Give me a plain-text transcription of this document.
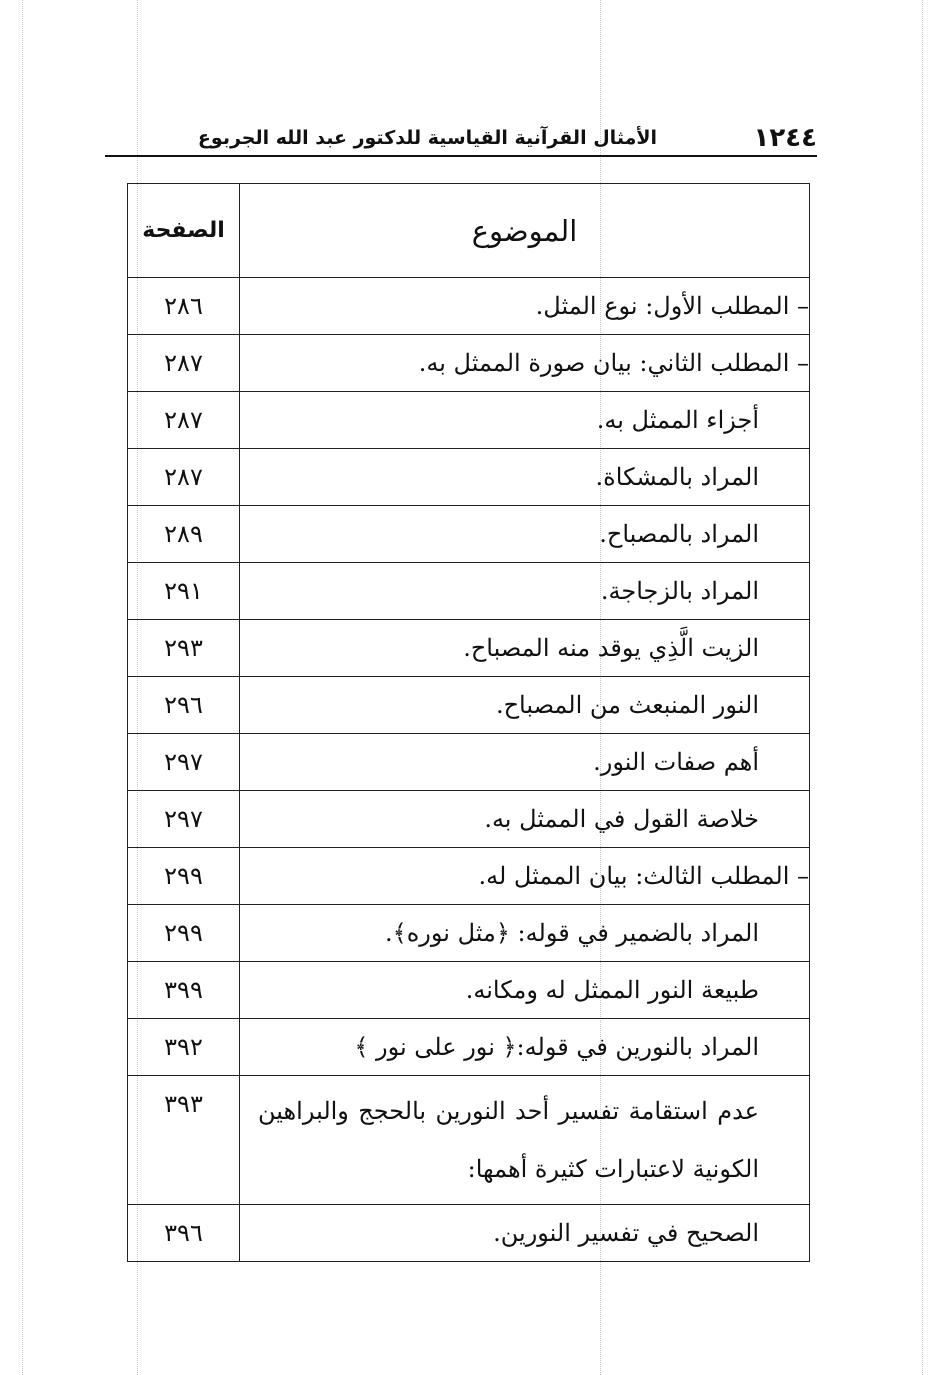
١٢٤٤
الأمثال القرآنية القياسية للدكتور عبد الله الجربوع
الموضوع	الصفحة
– المطلب الأول: نوع المثل.	٢٨٦
– المطلب الثاني: بيان صورة الممثل به.	٢٨٧
أجزاء الممثل به.	٢٨٧
المراد بالمشكاة.	٢٨٧
المراد بالمصباح.	٢٨٩
المراد بالزجاجة.	٢٩١
الزيت الَّذِي يوقد منه المصباح.	٢٩٣
النور المنبعث من المصباح.	٢٩٦
أهم صفات النور.	٢٩٧
خلاصة القول في الممثل به.	٢٩٧
– المطلب الثالث: بيان الممثل له.	٢٩٩
المراد بالضمير في قوله: ﴿مثل نوره﴾.	٢٩٩
طبيعة النور الممثل له ومكانه.	٣٩٩
المراد بالنورين في قوله:﴿ نور على نور ﴾	٣٩٢
عدم استقامة تفسير أحد النورين بالحجج والبراهين الكونية لاعتبارات كثيرة أهمها:	٣٩٣
الصحيح في تفسير النورين.	٣٩٦
